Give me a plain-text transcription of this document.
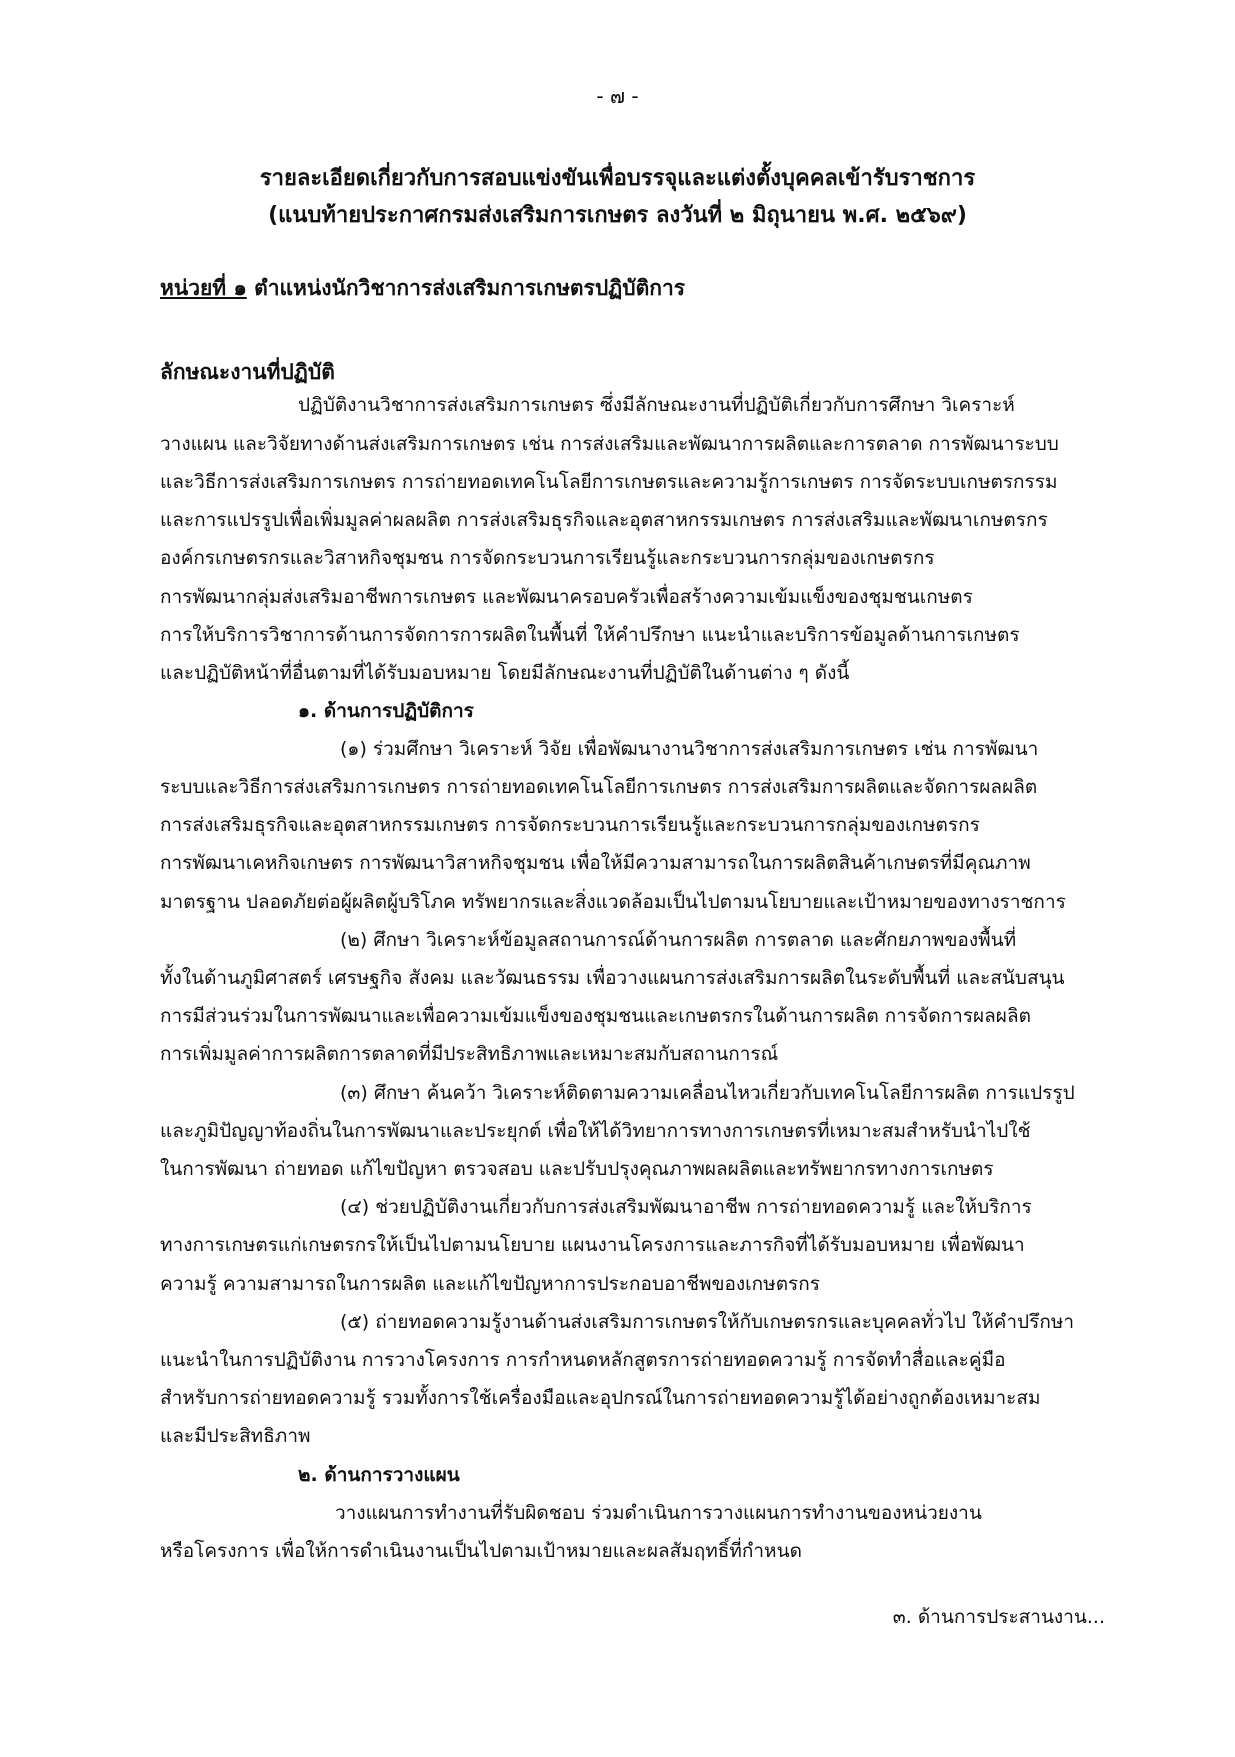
- ๗ -
รายละเอียดเกี่ยวกับการสอบแข่งขันเพื่อบรรจุและแต่งตั้งบุคคลเข้ารับราชการ
(แนบท้ายประกาศกรมส่งเสริมการเกษตร ลงวันที่ ๒ มิถุนายน พ.ศ. ๒๕๖๙)
หน่วยที่ ๑ ตำแหน่งนักวิชาการส่งเสริมการเกษตรปฏิบัติการ
ลักษณะงานที่ปฏิบัติ
ปฏิบัติงานวิชาการส่งเสริมการเกษตร ซึ่งมีลักษณะงานที่ปฏิบัติเกี่ยวกับการศึกษา วิเคราะห์
วางแผน และวิจัยทางด้านส่งเสริมการเกษตร เช่น การส่งเสริมและพัฒนาการผลิตและการตลาด การพัฒนาระบบ
และวิธีการส่งเสริมการเกษตร การถ่ายทอดเทคโนโลยีการเกษตรและความรู้การเกษตร การจัดระบบเกษตรกรรม
และการแปรรูปเพื่อเพิ่มมูลค่าผลผลิต การส่งเสริมธุรกิจและอุตสาหกรรมเกษตร การส่งเสริมและพัฒนาเกษตรกร
องค์กรเกษตรกรและวิสาหกิจชุมชน การจัดกระบวนการเรียนรู้และกระบวนการกลุ่มของเกษตรกร
การพัฒนากลุ่มส่งเสริมอาชีพการเกษตร และพัฒนาครอบครัวเพื่อสร้างความเข้มแข็งของชุมชนเกษตร
การให้บริการวิชาการด้านการจัดการการผลิตในพื้นที่ ให้คำปรึกษา แนะนำและบริการข้อมูลด้านการเกษตร
และปฏิบัติหน้าที่อื่นตามที่ได้รับมอบหมาย โดยมีลักษณะงานที่ปฏิบัติในด้านต่าง ๆ ดังนี้
๑. ด้านการปฏิบัติการ
(๑) ร่วมศึกษา วิเคราะห์ วิจัย เพื่อพัฒนางานวิชาการส่งเสริมการเกษตร เช่น การพัฒนา
ระบบและวิธีการส่งเสริมการเกษตร การถ่ายทอดเทคโนโลยีการเกษตร การส่งเสริมการผลิตและจัดการผลผลิต
การส่งเสริมธุรกิจและอุตสาหกรรมเกษตร การจัดกระบวนการเรียนรู้และกระบวนการกลุ่มของเกษตรกร
การพัฒนาเคหกิจเกษตร การพัฒนาวิสาหกิจชุมชน เพื่อให้มีความสามารถในการผลิตสินค้าเกษตรที่มีคุณภาพ
มาตรฐาน ปลอดภัยต่อผู้ผลิตผู้บริโภค ทรัพยากรและสิ่งแวดล้อมเป็นไปตามนโยบายและเป้าหมายของทางราชการ
(๒) ศึกษา วิเคราะห์ข้อมูลสถานการณ์ด้านการผลิต การตลาด และศักยภาพของพื้นที่
ทั้งในด้านภูมิศาสตร์ เศรษฐกิจ สังคม และวัฒนธรรม เพื่อวางแผนการส่งเสริมการผลิตในระดับพื้นที่ และสนับสนุน
การมีส่วนร่วมในการพัฒนาและเพื่อความเข้มแข็งของชุมชนและเกษตรกรในด้านการผลิต การจัดการผลผลิต
การเพิ่มมูลค่าการผลิตการตลาดที่มีประสิทธิภาพและเหมาะสมกับสถานการณ์
(๓) ศึกษา ค้นคว้า วิเคราะห์ติดตามความเคลื่อนไหวเกี่ยวกับเทคโนโลยีการผลิต การแปรรูป
และภูมิปัญญาท้องถิ่นในการพัฒนาและประยุกต์ เพื่อให้ได้วิทยาการทางการเกษตรที่เหมาะสมสำหรับนำไปใช้
ในการพัฒนา ถ่ายทอด แก้ไขปัญหา ตรวจสอบ และปรับปรุงคุณภาพผลผลิตและทรัพยากรทางการเกษตร
(๔) ช่วยปฏิบัติงานเกี่ยวกับการส่งเสริมพัฒนาอาชีพ การถ่ายทอดความรู้ และให้บริการ
ทางการเกษตรแก่เกษตรกรให้เป็นไปตามนโยบาย แผนงานโครงการและภารกิจที่ได้รับมอบหมาย เพื่อพัฒนา
ความรู้ ความสามารถในการผลิต และแก้ไขปัญหาการประกอบอาชีพของเกษตรกร
(๕) ถ่ายทอดความรู้งานด้านส่งเสริมการเกษตรให้กับเกษตรกรและบุคคลทั่วไป ให้คำปรึกษา
แนะนำในการปฏิบัติงาน การวางโครงการ การกำหนดหลักสูตรการถ่ายทอดความรู้ การจัดทำสื่อและคู่มือ
สำหรับการถ่ายทอดความรู้ รวมทั้งการใช้เครื่องมือและอุปกรณ์ในการถ่ายทอดความรู้ได้อย่างถูกต้องเหมาะสม
และมีประสิทธิภาพ
๒. ด้านการวางแผน
วางแผนการทำงานที่รับผิดชอบ ร่วมดำเนินการวางแผนการทำงานของหน่วยงาน
หรือโครงการ เพื่อให้การดำเนินงานเป็นไปตามเป้าหมายและผลสัมฤทธิ์ที่กำหนด
๓. ด้านการประสานงาน...
